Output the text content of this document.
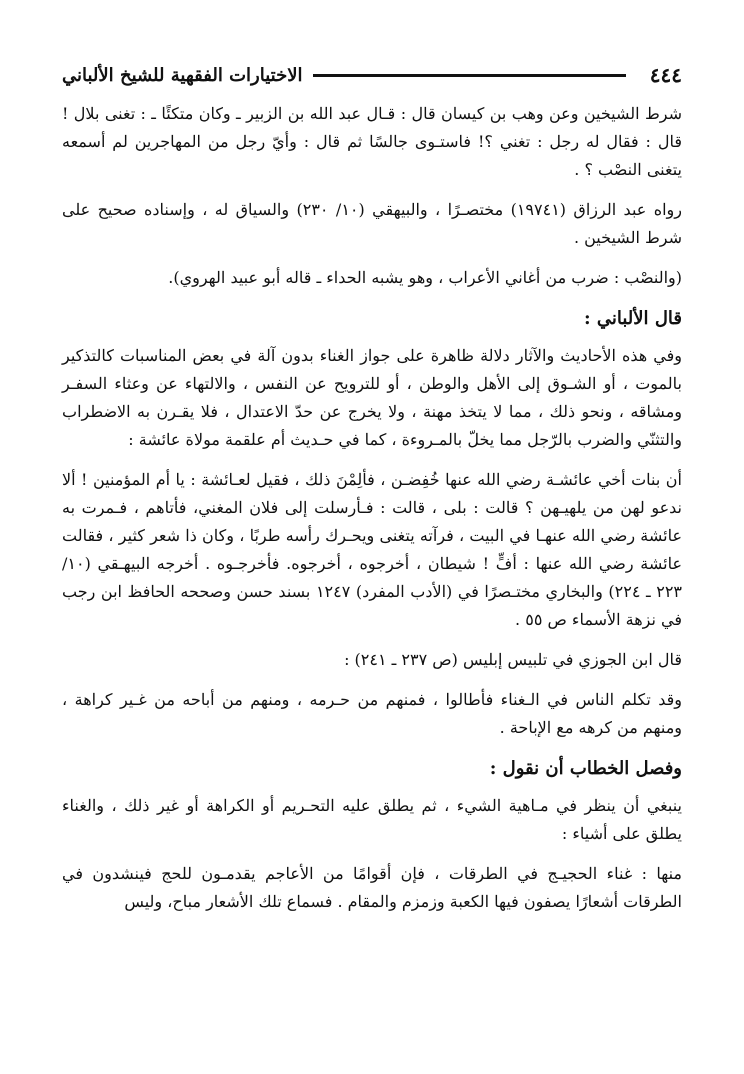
٤٤٤
الاختيارات الفقهية للشيخ الألباني

شرط الشيخين وعن وهب بن كيسان قال : قـال عبد الله بن الزبير ـ وكان متكئًا ـ : تغنى بلال ! قال : فقال له رجل : تغني ؟! فاستـوى جالسًا ثم قال : وأيّ رجل من المهاجرين لم أسمعه يتغنى النصْب ؟ .

رواه عبد الرزاق (١٩٧٤١) مختصـرًا ، والبيهقي (١٠/ ٢٣٠) والسياق له ، وإسناده صحيح على شرط الشيخين .

(والنصْب : ضرب من أغاني الأعراب ، وهو يشبه الحداء ـ قاله أبو عبيد الهروي).

قال الألباني :

وفي هذه الأحاديث والآثار دلالة ظاهرة على جواز الغناء بدون آلة في بعض المناسبات كالتذكير بالموت ، أو الشـوق إلى الأهل والوطن ، أو للترويح عن النفس ، والالتهاء عن وعثاء السفـر ومشاقه ، ونحو ذلك ، مما لا يتخذ مهنة ، ولا يخرج عن حدّ الاعتدال ، فلا يقـرن به الاضطراب والتثنّي والضرب بالرّجل مما يخلّ بالمـروءة ، كما في حـديث أم علقمة مولاة عائشة :

أن بنات أخي عائشـة رضي الله عنها خُفِضـن ، فألِمْنَ ذلك ، فقيل لعـائشة : يا أم المؤمنين ! ألا ندعو لهن من يلهيـهن ؟ قالت : بلى ، قالت : فـأرسلت إلى فلان المغني، فأتاهم ، فـمرت به عائشة رضي الله عنهـا في البيت ، فرآته يتغنى ويحـرك رأسه طربًا ، وكان ذا شعر كثير ، فقالت عائشة رضي الله عنها : أفٍّ ! شيطان ، أخرجوه ، أخرجوه. فأخرجـوه . أخرجه البيهـقي (١٠/ ٢٢٣ ـ ٢٢٤) والبخاري مختـصرًا في (الأدب المفرد) ١٢٤٧ بسند حسن وصححه الحافظ ابن رجب في نزهة الأسماء ص ٥٥ .

قال ابن الجوزي في تلبيس إبليس (ص ٢٣٧ ـ ٢٤١) :

وقد تكلم الناس في الـغناء فأطالوا ، فمنهم من حـرمه ، ومنهم من أباحه من غـير كراهة ، ومنهم من كرهه مع الإباحة .

وفصل الخطاب أن نقول :

ينبغي أن ينظر في مـاهية الشيء ، ثم يطلق عليه التحـريم أو الكراهة أو غير ذلك ، والغناء يطلق على أشياء :

منها : غناء الحجيـج في الطرقات ، فإن أقوامًا من الأعاجم يقدمـون للحج فينشدون في الطرقات أشعارًا يصفون فيها الكعبة وزمزم والمقام . فسماع تلك الأشعار مباح، وليس
